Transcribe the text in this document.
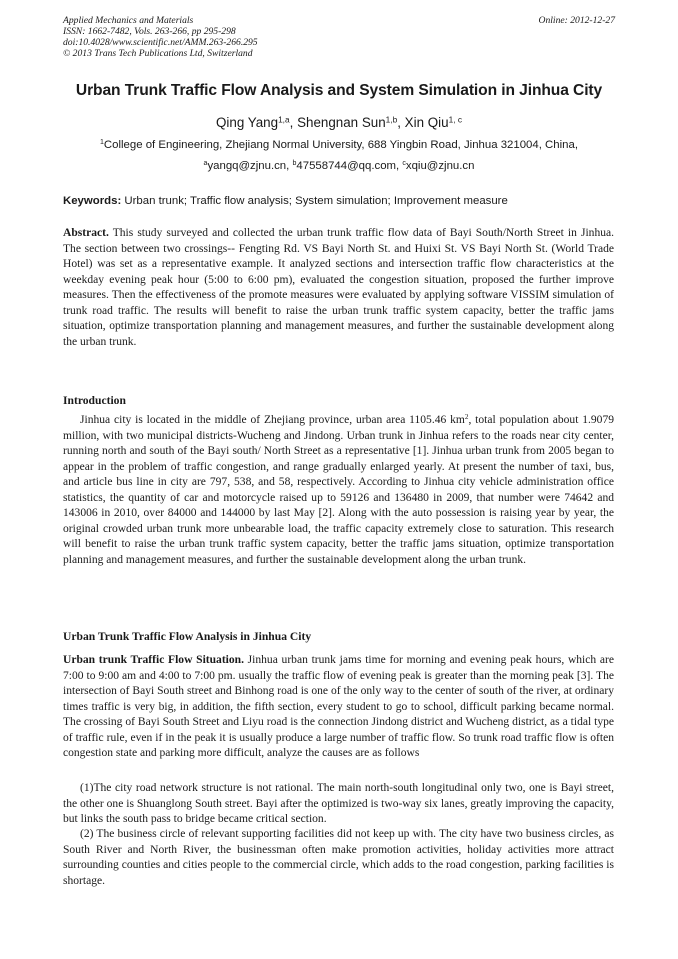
Applied Mechanics and Materials
ISSN: 1662-7482, Vols. 263-266, pp 295-298
doi:10.4028/www.scientific.net/AMM.263-266.295
© 2013 Trans Tech Publications Ltd, Switzerland
Online: 2012-12-27
Urban Trunk Traffic Flow Analysis and System Simulation in Jinhua City
Qing Yang$^{1,a}$, Shengnan Sun$^{1,b}$, Xin Qiu$^{1, c}$
$^1$College of Engineering, Zhejiang Normal University, 688 Yingbin Road, Jinhua 321004, China,
$^a$yangq@zjnu.cn, $^b$47558744@qq.com, $^c$xqiu@zjnu.cn
Keywords: Urban trunk; Traffic flow analysis; System simulation; Improvement measure
Abstract. This study surveyed and collected the urban trunk traffic flow data of Bayi South/North Street in Jinhua. The section between two crossings-- Fengting Rd. VS Bayi North St. and Huixi St. VS Bayi North St. (World Trade Hotel) was set as a representative example. It analyzed sections and intersection traffic flow characteristics at the weekday evening peak hour (5:00 to 6:00 pm), evaluated the congestion situation, proposed the further improve measures. Then the effectiveness of the promote measures were evaluated by applying software VISSIM simulation of trunk road traffic. The results will benefit to raise the urban trunk traffic system capacity, better the traffic jams situation, optimize transportation planning and management measures, and further the sustainable development along the urban trunk.
Introduction
Jinhua city is located in the middle of Zhejiang province, urban area 1105.46 $km^2$, total population about 1.9079 million, with two municipal districts-Wucheng and Jindong. Urban trunk in Jinhua refers to the roads near city center, running north and south of the Bayi south/ North Street as a representative [1]. Jinhua urban trunk from 2005 began to appear in the problem of traffic congestion, and range gradually enlarged yearly. At present the number of taxi, bus, and article bus line in city are 797, 538, and 58, respectively. According to Jinhua city vehicle administration office statistics, the quantity of car and motorcycle raised up to 59126 and 136480 in 2009, that number were 74642 and 143006 in 2010, over 84000 and 144000 by last May [2]. Along with the auto possession is raising year by year, the original crowded urban trunk more unbearable load, the traffic capacity extremely close to saturation. This research will benefit to raise the urban trunk traffic system capacity, better the traffic jams situation, optimize transportation planning and management measures, and further the sustainable development along the urban trunk.
Urban Trunk Traffic Flow Analysis in Jinhua City
Urban trunk Traffic Flow Situation. Jinhua urban trunk jams time for morning and evening peak hours, which are 7:00 to 9:00 am and 4:00 to 7:00 pm. usually the traffic flow of evening peak is greater than the morning peak [3]. The intersection of Bayi South street and Binhong road is one of the only way to the center of south of the river, at ordinary times traffic is very big, in addition, the fifth section, every student to go to school, difficult parking became normal. The crossing of Bayi South Street and Liyu road is the connection Jindong district and Wucheng district, as a tidal type of traffic rule, even if in the peak it is usually produce a large number of traffic flow. So trunk road traffic flow is often congestion state and parking more difficult, analyze the causes are as follows
(1)The city road network structure is not rational. The main north-south longitudinal only two, one is Bayi street, the other one is Shuanglong South street. Bayi after the optimized is two-way six lanes, greatly improving the capacity, but links the south pass to bridge became critical section.
(2) The business circle of relevant supporting facilities did not keep up with. The city have two business circles, as South River and North River, the businessman often make promotion activities, holiday activities more attract surrounding counties and cities people to the commercial circle, which adds to the road congestion, parking facilities is shortage.
